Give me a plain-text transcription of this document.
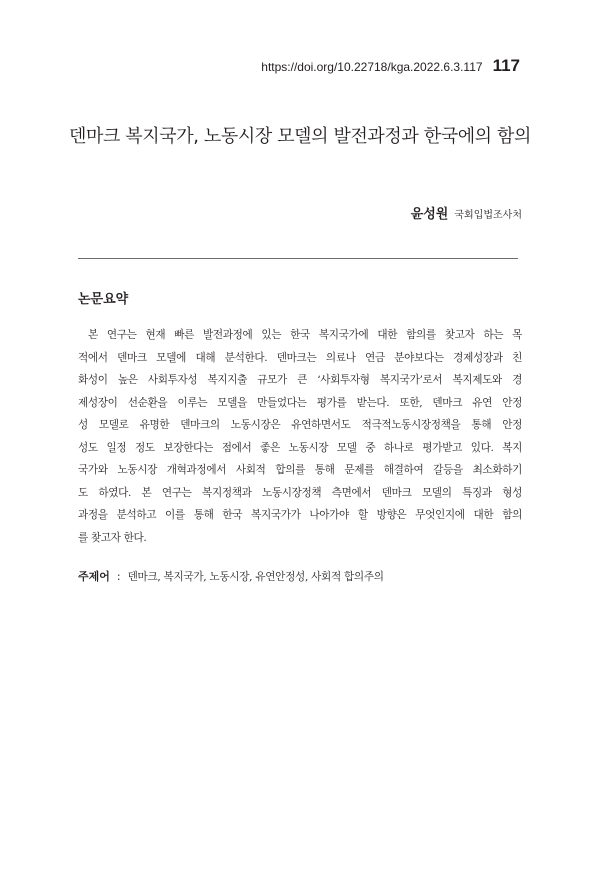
https://doi.org/10.22718/kga.2022.6.3.117 117
덴마크 복지국가, 노동시장 모델의 발전과정과 한국에의 함의
윤성원 국회입법조사처
논문요약
본 연구는 현재 빠른 발전과정에 있는 한국 복지국가에 대한 함의를 찾고자 하는 목
적에서 덴마크 모델에 대해 분석한다. 덴마크는 의료나 연금 분야보다는 경제성장과 친
화성이 높은 사회투자성 복지지출 규모가 큰 ‘사회투자형 복지국가’로서 복지제도와 경
제성장이 선순환을 이루는 모델을 만들었다는 평가를 받는다. 또한, 덴마크 유연 안정
성 모델로 유명한 덴마크의 노동시장은 유연하면서도 적극적노동시장정책을 통해 안정
성도 일정 정도 보장한다는 점에서 좋은 노동시장 모델 중 하나로 평가받고 있다. 복지
국가와 노동시장 개혁과정에서 사회적 합의를 통해 문제를 해결하여 갈등을 최소화하기
도 하였다. 본 연구는 복지정책과 노동시장정책 측면에서 덴마크 모델의 특징과 형성
과정을 분석하고 이를 통해 한국 복지국가가 나아가야 할 방향은 무엇인지에 대한 함의
를 찾고자 한다.
주제어 : 덴마크, 복지국가, 노동시장, 유연안정성, 사회적 합의주의
